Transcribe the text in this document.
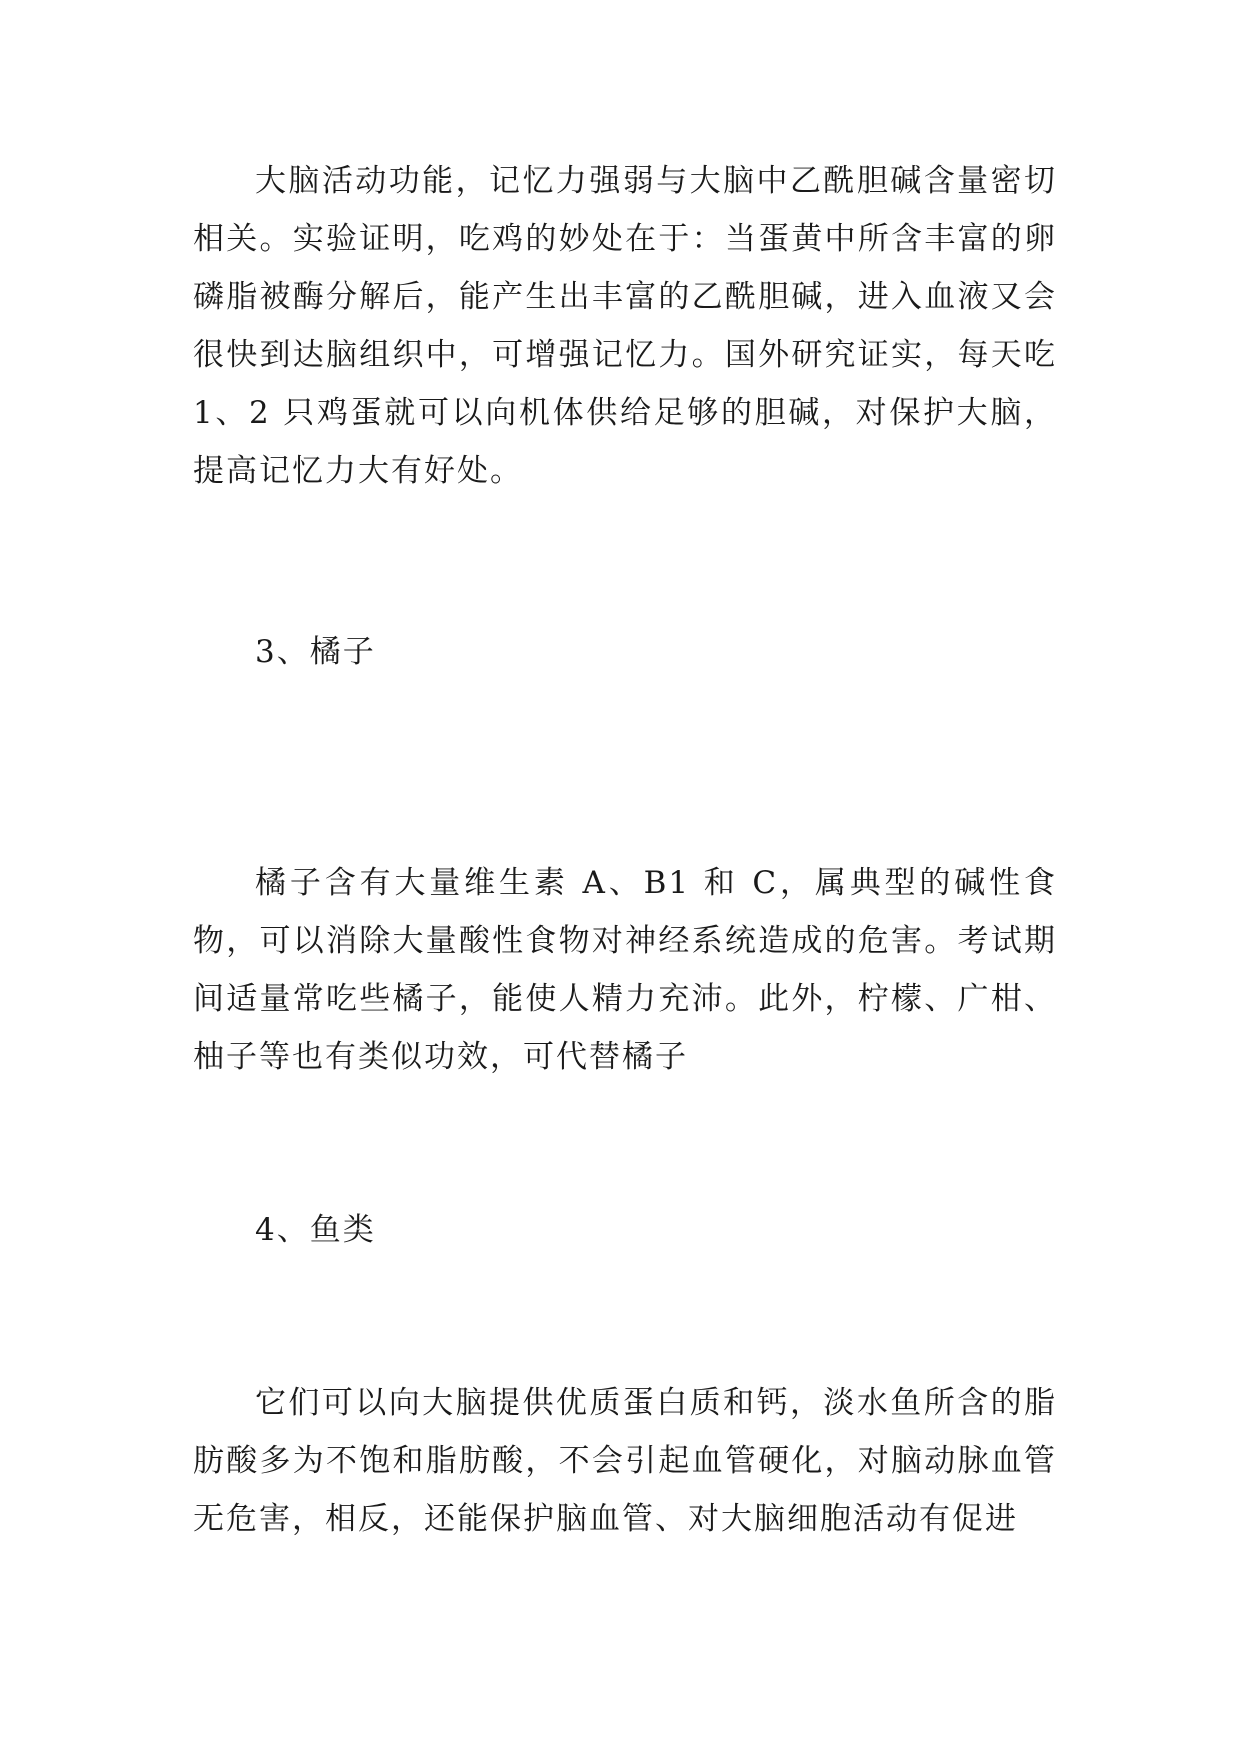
大脑活动功能，记忆力强弱与大脑中乙酰胆碱含量密切相关。实验证明，吃鸡的妙处在于：当蛋黄中所含丰富的卵磷脂被酶分解后，能产生出丰富的乙酰胆碱，进入血液又会很快到达脑组织中，可增强记忆力。国外研究证实，每天吃 1、2 只鸡蛋就可以向机体供给足够的胆碱，对保护大脑，提高记忆力大有好处。

3、橘子

橘子含有大量维生素 A、B1 和 C，属典型的碱性食物，可以消除大量酸性食物对神经系统造成的危害。考试期间适量常吃些橘子，能使人精力充沛。此外，柠檬、广柑、柚子等也有类似功效，可代替橘子

4、鱼类

它们可以向大脑提供优质蛋白质和钙，淡水鱼所含的脂肪酸多为不饱和脂肪酸，不会引起血管硬化，对脑动脉血管无危害，相反，还能保护脑血管、对大脑细胞活动有促进
